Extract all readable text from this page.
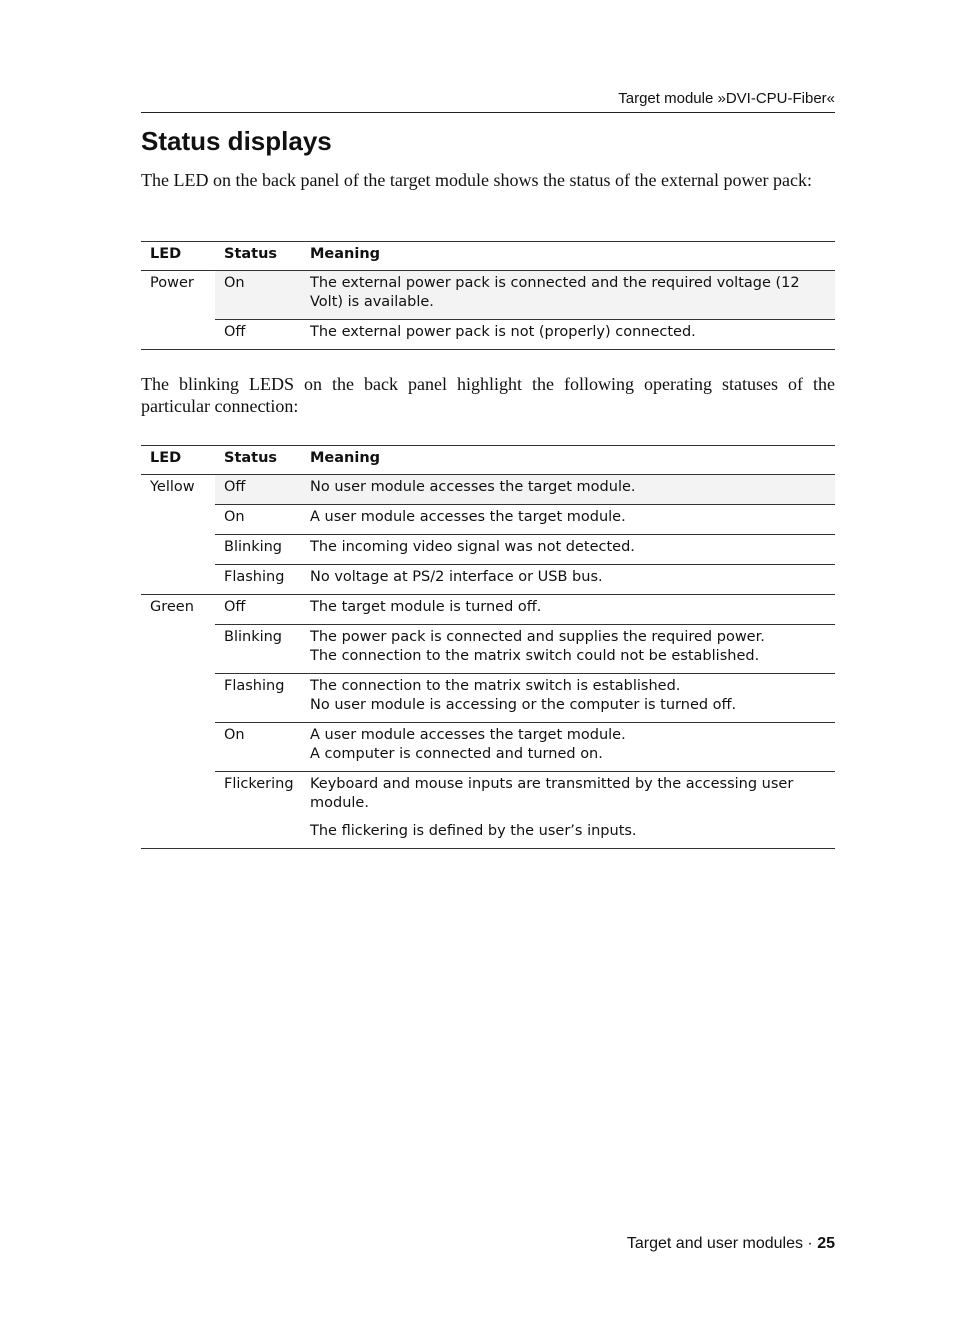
Target module »DVI-CPU-Fiber«
Status displays

The LED on the back panel of the target module shows the status of the external power pack:

LED	Status	Meaning
Power	On	The external power pack is connected and the required voltage (12 Volt) is available.

	Off	The external power pack is not (properly) connected.

The blinking LEDS on the back panel highlight the following operating statuses of the particular connection:

LED	Status	Meaning
Yellow	Off	No user module accesses the target module.

	On	A user module accesses the target module.

	Blinking	The incoming video signal was not detected.

	Flashing	No voltage at PS/2 interface or USB bus.

Green	Off	The target module is turned off.

	Blinking	The power pack is connected and supplies the required power.
The connection to the matrix switch could not be established.

	Flashing	The connection to the matrix switch is established.
No user module is accessing or the computer is turned off.

	On	A user module accesses the target module.
A computer is connected and turned on.

	Flickering	Keyboard and mouse inputs are transmitted by the accessing user module.
The flickering is defined by the user’s inputs.
Target and user modules · 25
